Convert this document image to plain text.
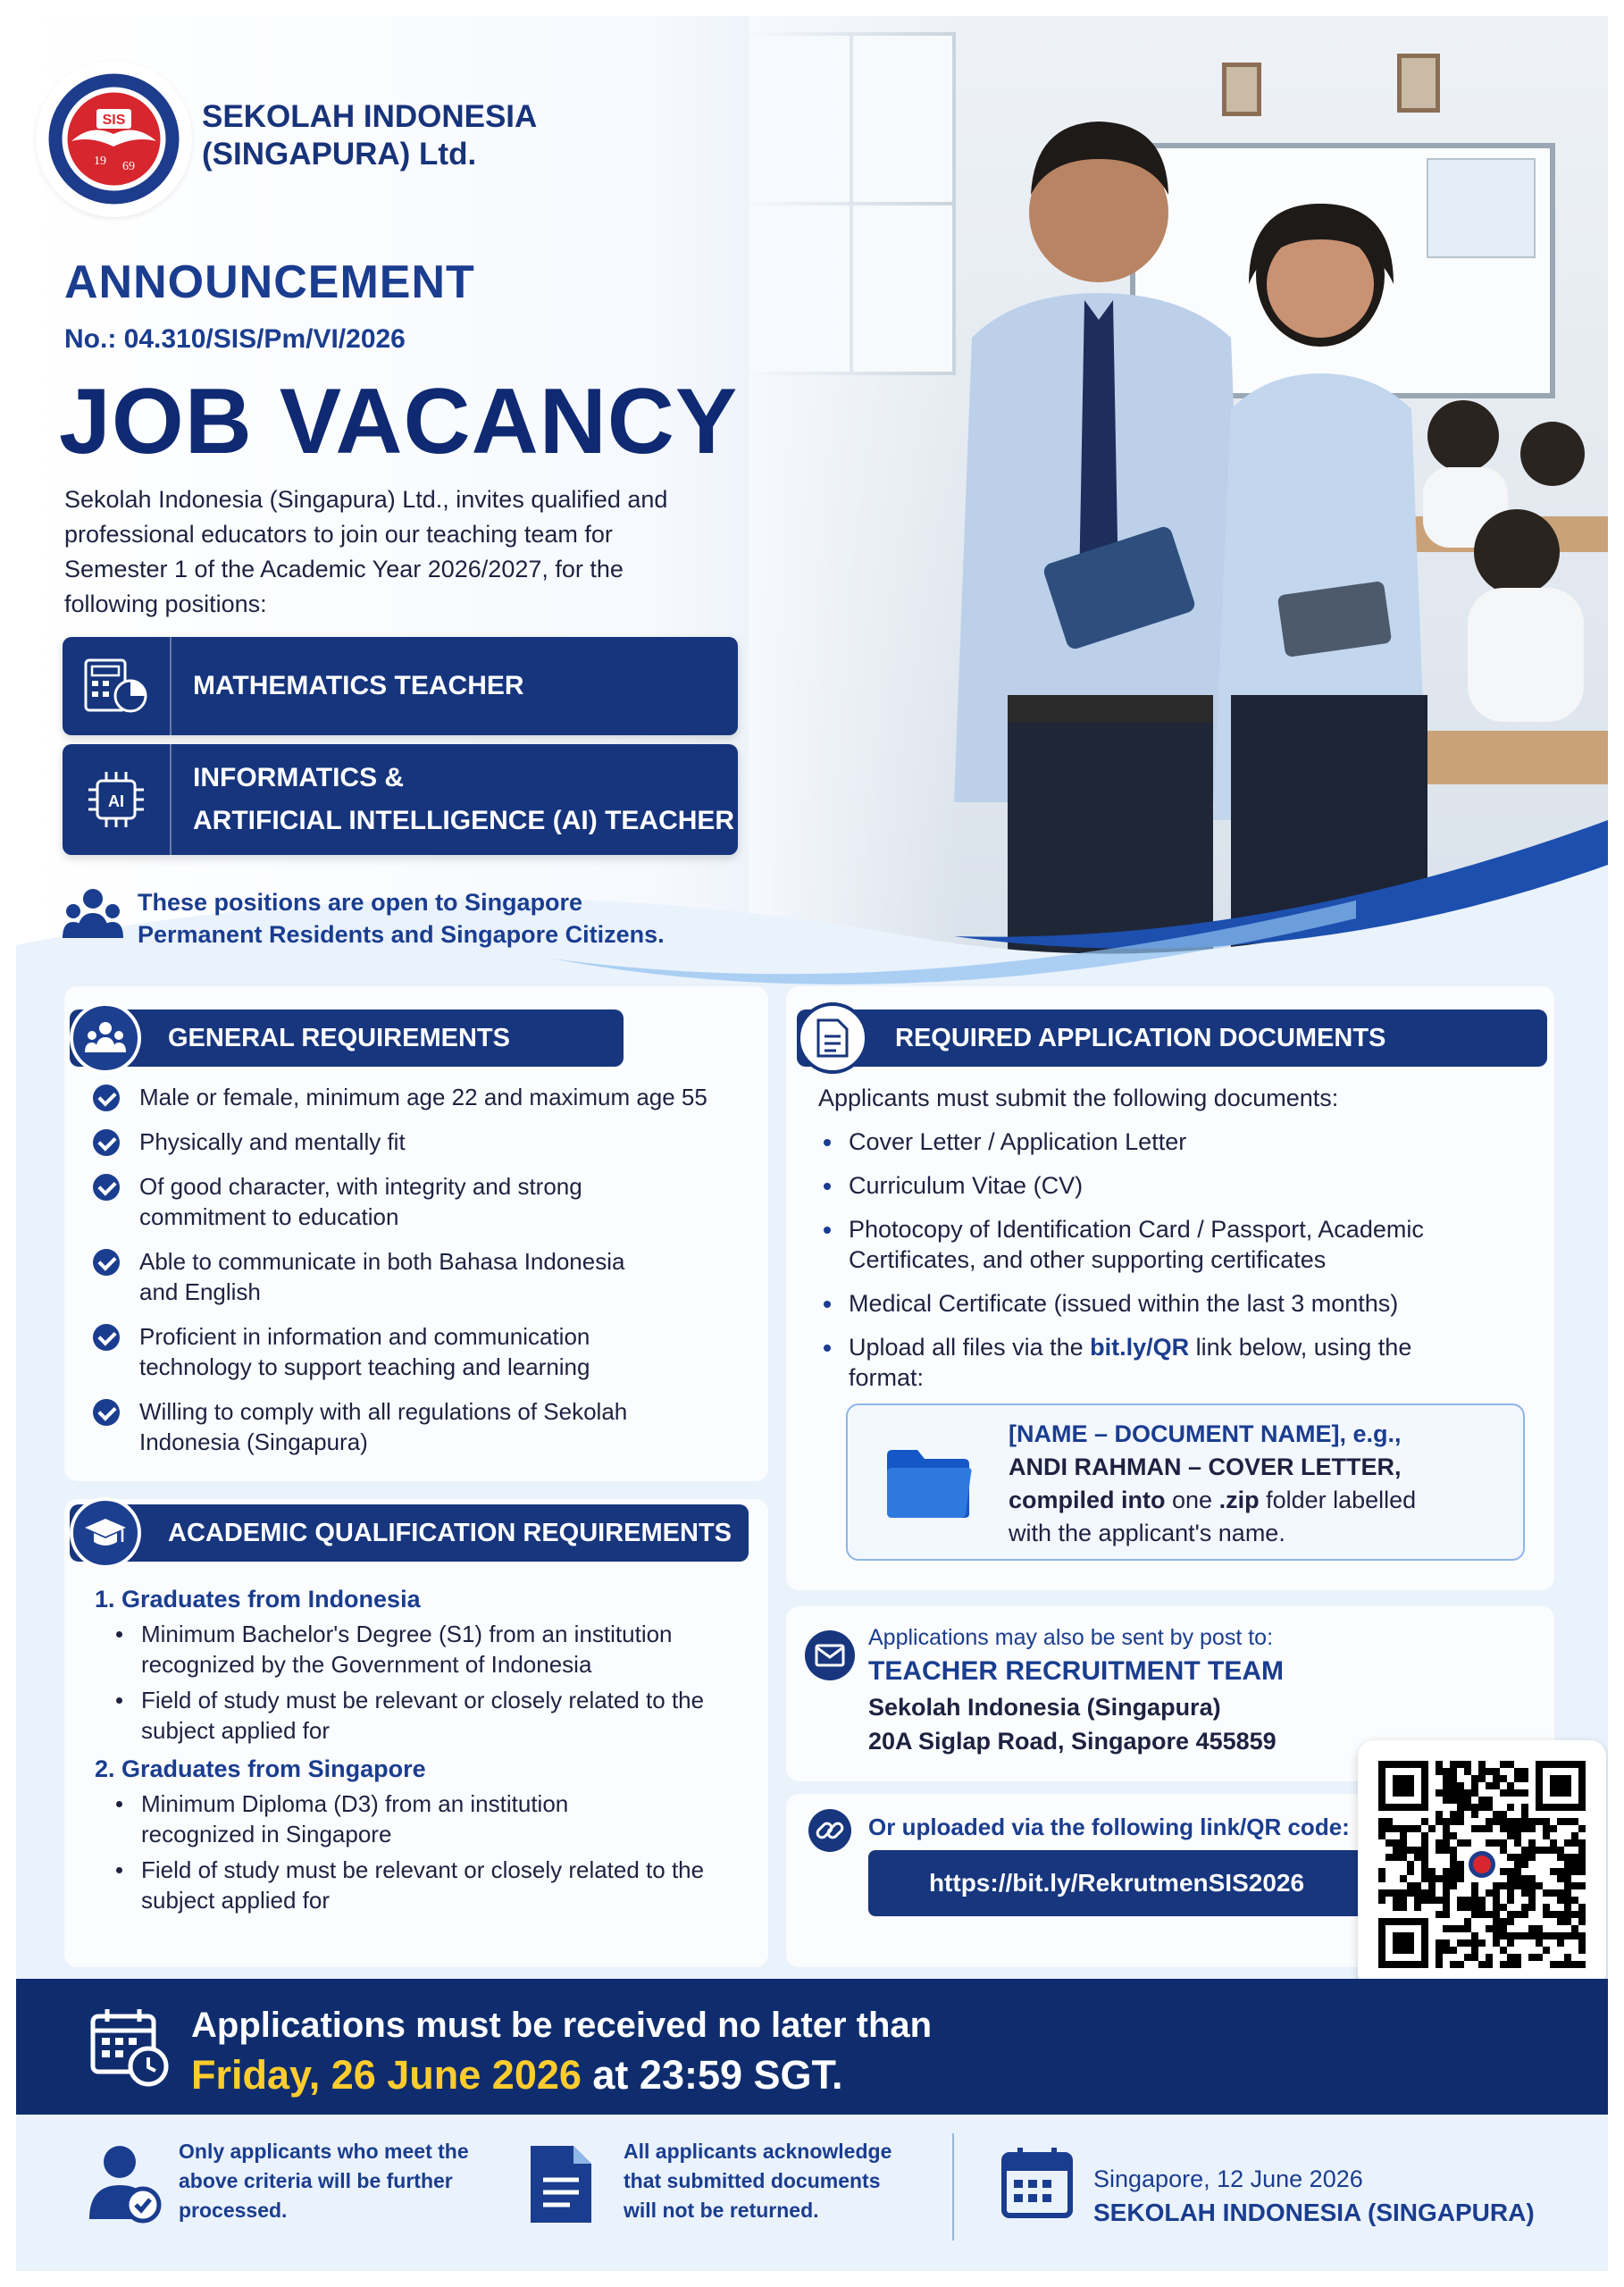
SIS
19 69
SEKOLAH INDONESIA (SINGAPURA) Ltd.
ANNOUNCEMENT
No.: 04.310/SIS/Pm/VI/2026
JOB VACANCY
Sekolah Indonesia (Singapura) Ltd., invites qualified and professional educators to join our teaching team for Semester 1 of the Academic Year 2026/2027, for the following positions:
MATHEMATICS TEACHER
AI
INFORMATICS &
ARTIFICIAL INTELLIGENCE (AI) TEACHER
These positions are open to Singapore
Permanent Residents and Singapore Citizens.
GENERAL REQUIREMENTS
Male or female, minimum age 22 and maximum age 55
Physically and mentally fit
Of good character, with integrity and strong commitment to education
Able to communicate in both Bahasa Indonesia and English
Proficient in information and communication technology to support teaching and learning
Willing to comply with all regulations of Sekolah Indonesia (Singapura)
ACADEMIC QUALIFICATION REQUIREMENTS
1. Graduates from Indonesia
Minimum Bachelor's Degree (S1) from an institution recognized by the Government of Indonesia
Field of study must be relevant or closely related to the subject applied for
2. Graduates from Singapore
Minimum Diploma (D3) from an institution recognized in Singapore
Field of study must be relevant or closely related to the subject applied for
REQUIRED APPLICATION DOCUMENTS
Applicants must submit the following documents:
Cover Letter / Application Letter
Curriculum Vitae (CV)
Photocopy of Identification Card / Passport, Academic Certificates, and other supporting certificates
Medical Certificate (issued within the last 3 months)
Upload all files via the bit.ly/QR link below, using the format:
[NAME – DOCUMENT NAME], e.g.,
ANDI RAHMAN – COVER LETTER,
compiled into one .zip folder labelled
with the applicant's name.
Applications may also be sent by post to:
TEACHER RECRUITMENT TEAM
Sekolah Indonesia (Singapura)
20A Siglap Road, Singapore 455859
Or uploaded via the following link/QR code:
https://bit.ly/RekrutmenSIS2026
Applications must be received no later than
Friday, 26 June 2026 at 23:59 SGT.
Only applicants who meet the above criteria will be further processed.
All applicants acknowledge that submitted documents will not be returned.
Singapore, 12 June 2026
SEKOLAH INDONESIA (SINGAPURA)
